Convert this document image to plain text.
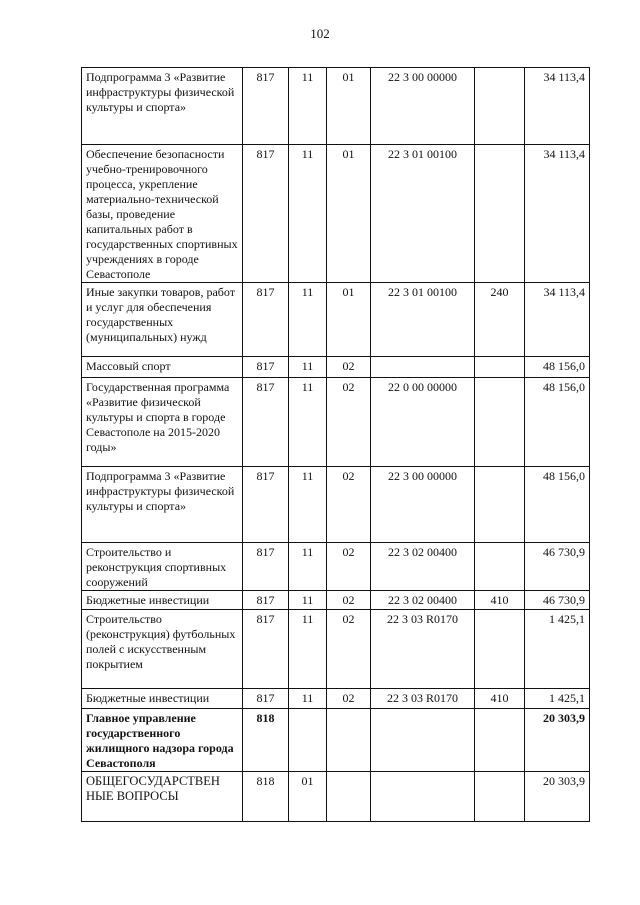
102
Подпрограмма 3 «Развитие инфраструктуры физической культуры и спорта»	817	11	01	22 3 00 00000		34 113,4
Обеспечение безопасности учебно-тренировочного процесса, укрепление материально-технической базы, проведение капитальных работ в государственных спортивных учреждениях в городе Севастополе	817	11	01	22 3 01 00100		34 113,4
Иные закупки товаров, работ и услуг для обеспечения государственных (муниципальных) нужд	817	11	01	22 3 01 00100	240	34 113,4
Массовый спорт	817	11	02			48 156,0
Государственная программа «Развитие физической культуры и спорта в городе Севастополе на 2015-2020 годы»	817	11	02	22 0 00 00000		48 156,0
Подпрограмма 3 «Развитие инфраструктуры физической культуры и спорта»	817	11	02	22 3 00 00000		48 156,0
Строительство и реконструкция спортивных сооружений	817	11	02	22 3 02 00400		46 730,9
Бюджетные инвестиции	817	11	02	22 3 02 00400	410	46 730,9
Строительство (реконструкция) футбольных полей с искусственным покрытием	817	11	02	22 3 03 R0170		1 425,1
Бюджетные инвестиции	817	11	02	22 3 03 R0170	410	1 425,1
Главное управление государственного жилищного надзора города Севастополя	818					20 303,9
ОБЩЕГОСУДАРСТВЕН НЫЕ ВОПРОСЫ	818	01				20 303,9
